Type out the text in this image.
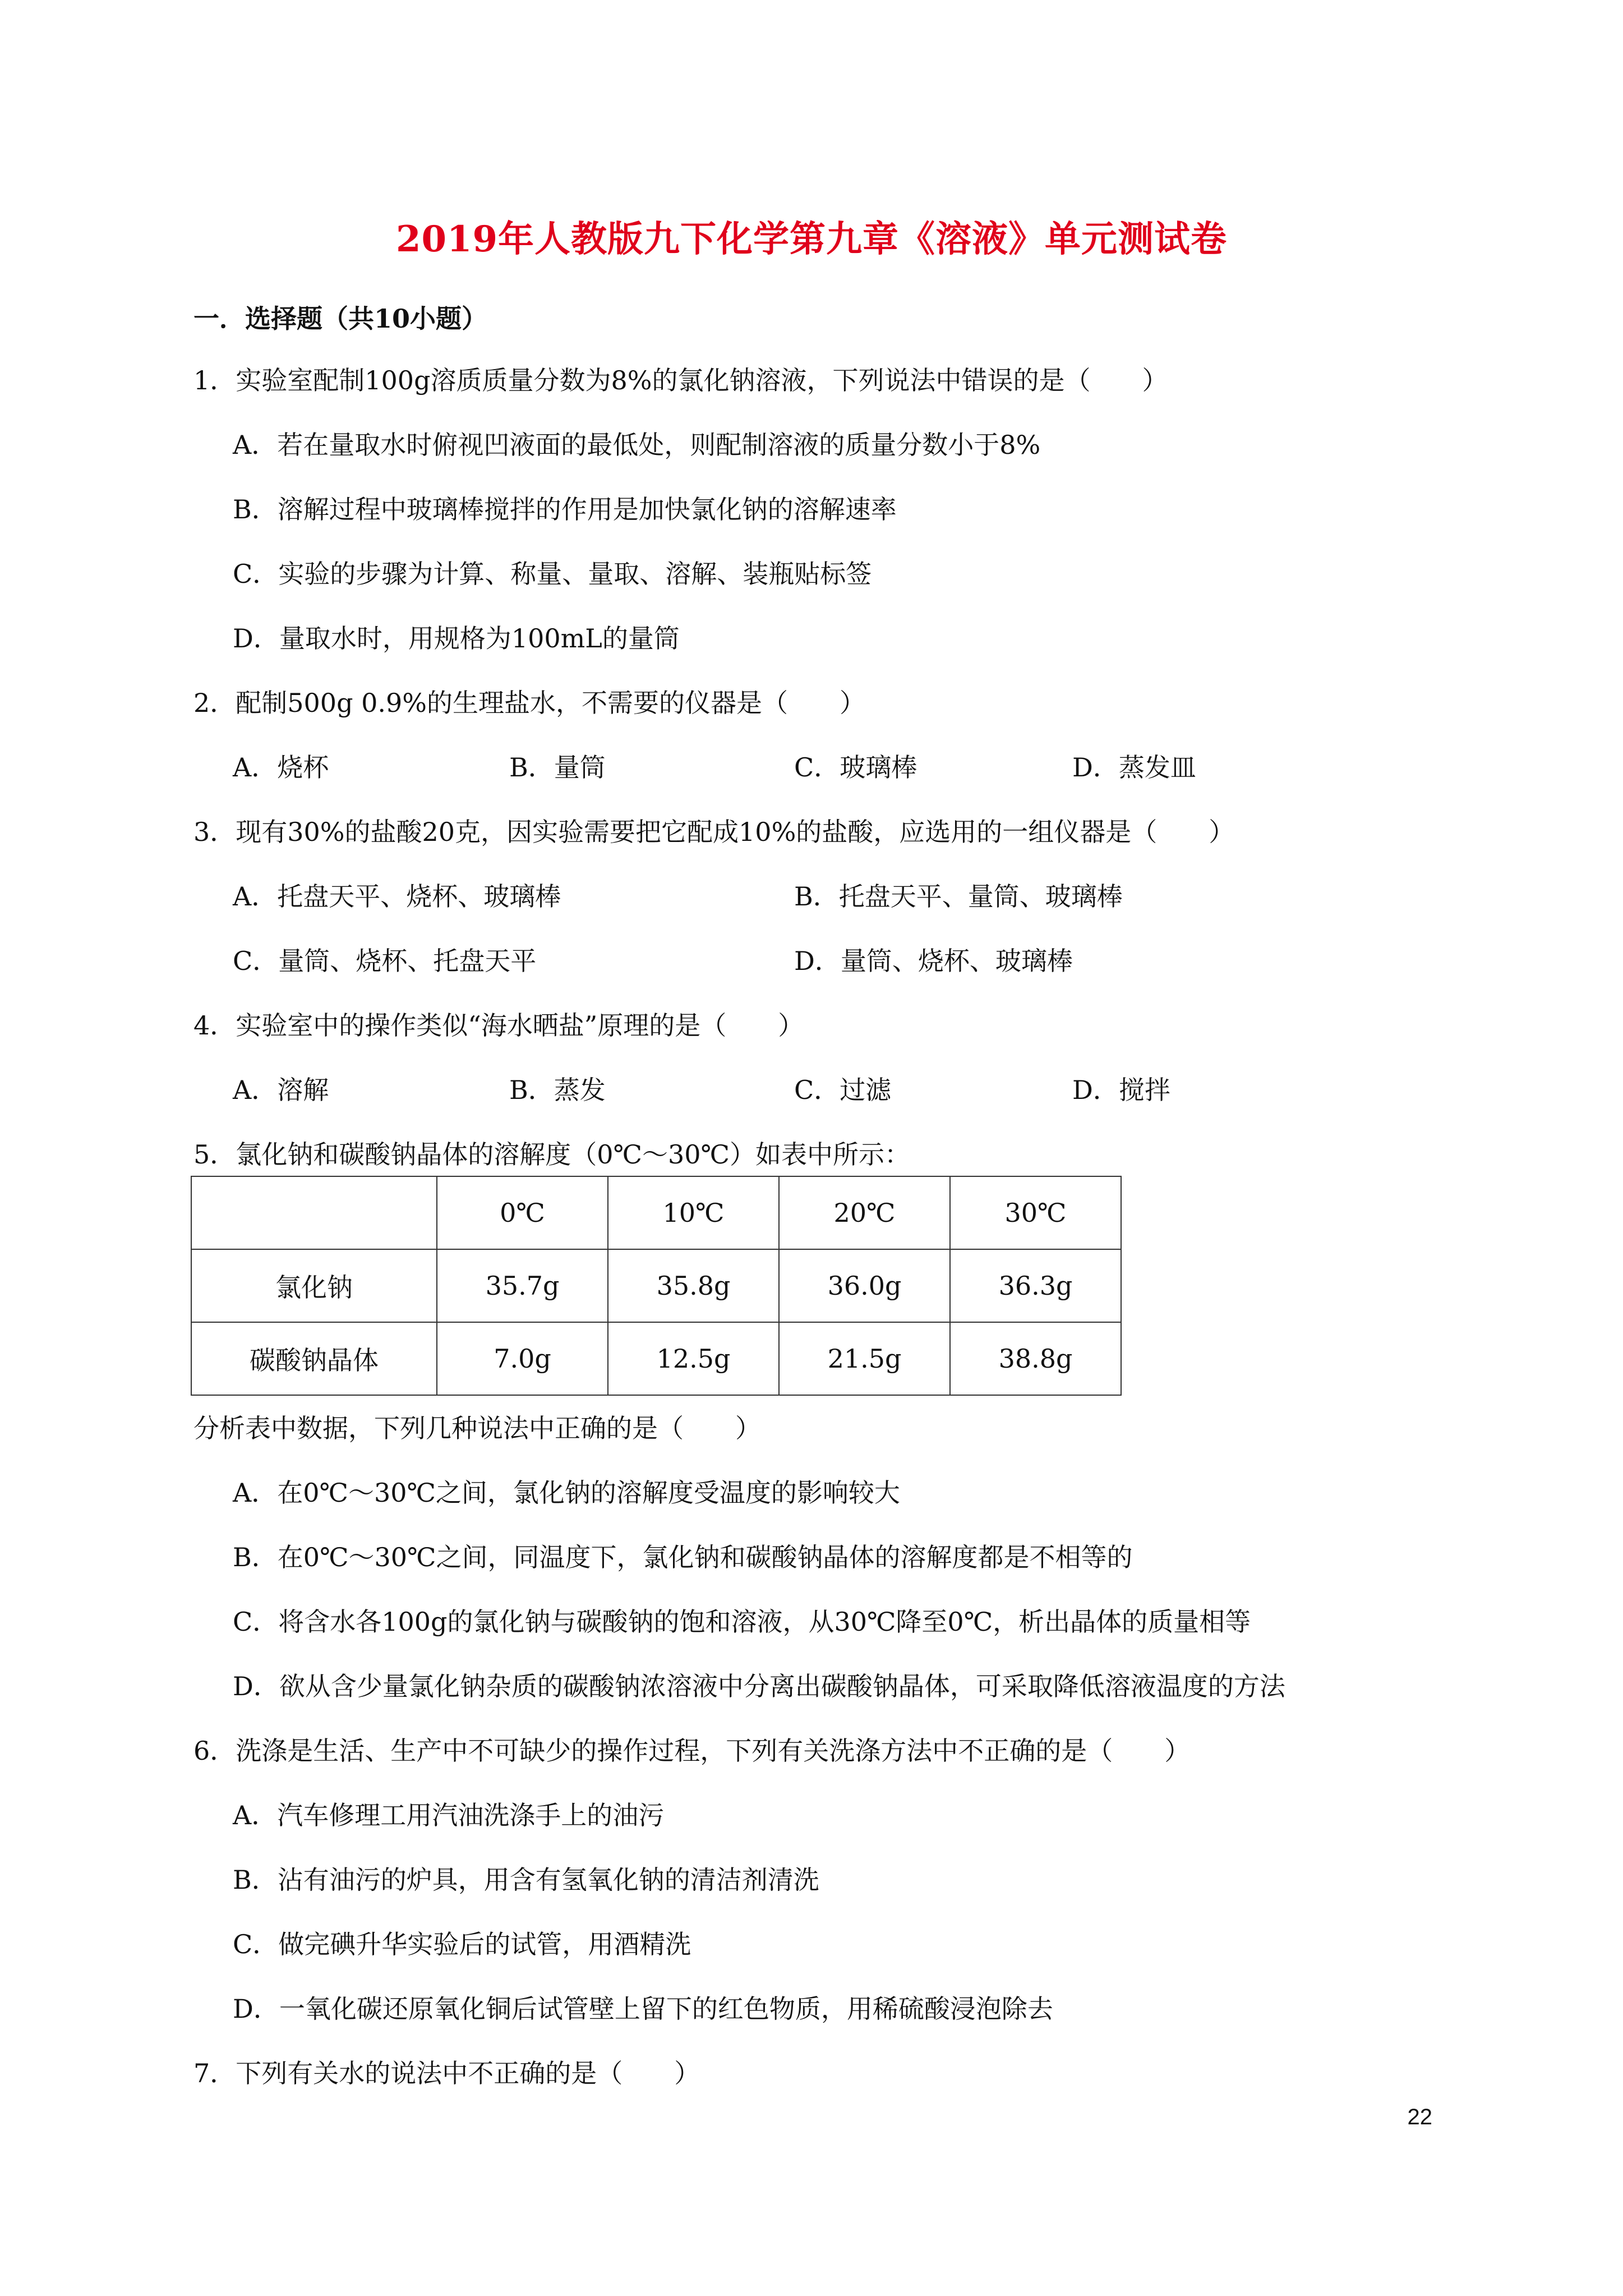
2019年人教版九下化学第九章《溶液》单元测试卷
一．选择题（共10小题）
1．实验室配制100g溶质质量分数为8%的氯化钠溶液，下列说法中错误的是（　　）
A．若在量取水时俯视凹液面的最低处，则配制溶液的质量分数小于8%
B．溶解过程中玻璃棒搅拌的作用是加快氯化钠的溶解速率
C．实验的步骤为计算、称量、量取、溶解、装瓶贴标签
D．量取水时，用规格为100mL的量筒
2．配制500g 0.9%的生理盐水，不需要的仪器是（　　）
A．烧杯	B．量筒	C．玻璃棒	D．蒸发皿
3．现有30%的盐酸20克，因实验需要把它配成10%的盐酸，应选用的一组仪器是（　　）
A．托盘天平、烧杯、玻璃棒	B．托盘天平、量筒、玻璃棒
C．量筒、烧杯、托盘天平	D．量筒、烧杯、玻璃棒
4．实验室中的操作类似“海水晒盐”原理的是（　　）
A．溶解	B．蒸发	C．过滤	D．搅拌
5．氯化钠和碳酸钠晶体的溶解度（0℃～30℃）如表中所示：
	0℃	10℃	20℃	30℃
氯化钠	35.7g	35.8g	36.0g	36.3g
碳酸钠晶体	7.0g	12.5g	21.5g	38.8g
分析表中数据，下列几种说法中正确的是（　　）
A．在0℃～30℃之间，氯化钠的溶解度受温度的影响较大
B．在0℃～30℃之间，同温度下，氯化钠和碳酸钠晶体的溶解度都是不相等的
C．将含水各100g的氯化钠与碳酸钠的饱和溶液，从30℃降至0℃，析出晶体的质量相等
D．欲从含少量氯化钠杂质的碳酸钠浓溶液中分离出碳酸钠晶体，可采取降低溶液温度的方法
6．洗涤是生活、生产中不可缺少的操作过程，下列有关洗涤方法中不正确的是（　　）
A．汽车修理工用汽油洗涤手上的油污
B．沾有油污的炉具，用含有氢氧化钠的清洁剂清洗
C．做完碘升华实验后的试管，用酒精洗
D．一氧化碳还原氧化铜后试管壁上留下的红色物质，用稀硫酸浸泡除去
7．下列有关水的说法中不正确的是（　　）
22
